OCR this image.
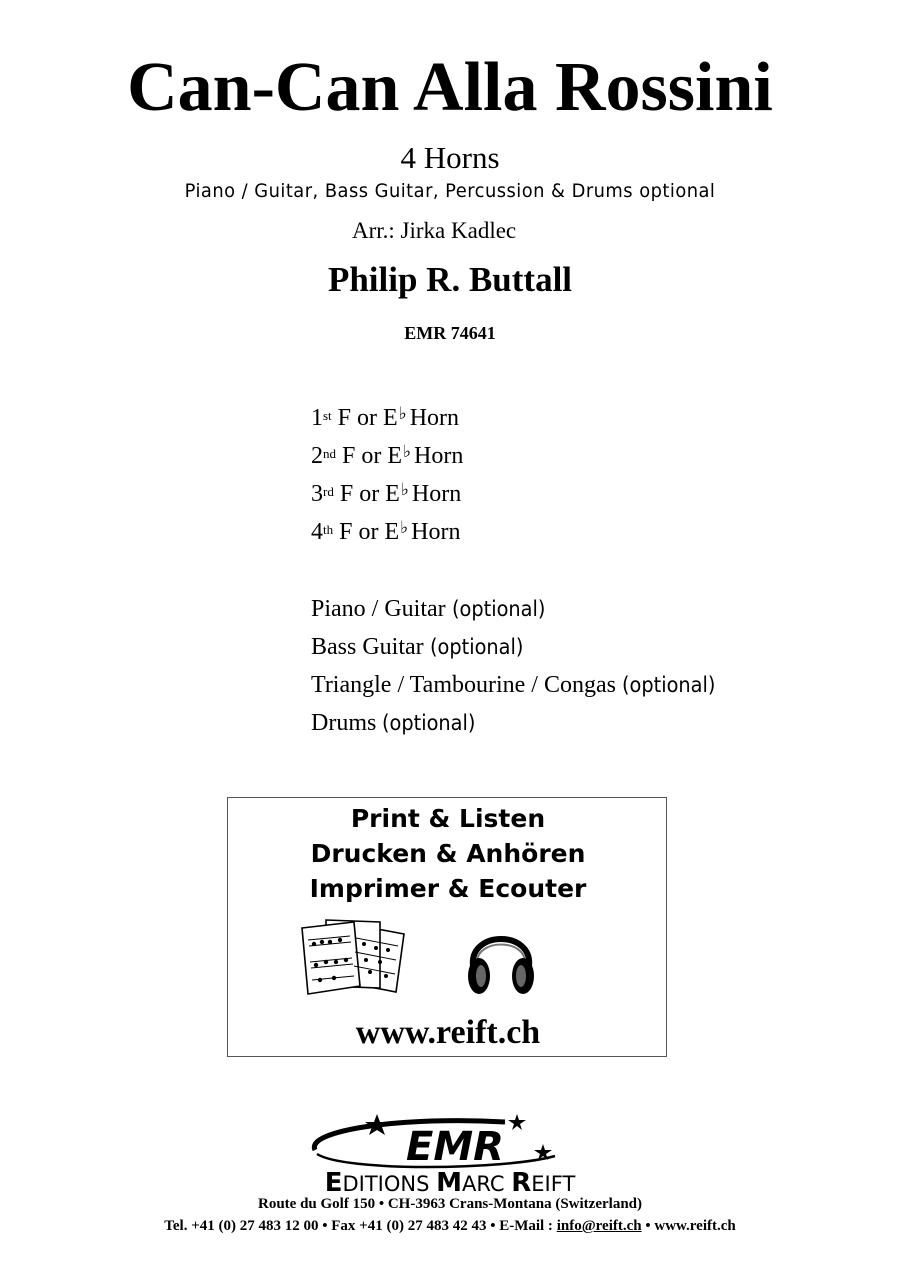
Can-Can Alla Rossini
4 Horns
Piano / Guitar, Bass Guitar, Percussion & Drums optional
Arr.: Jirka Kadlec
Philip R. Buttall
EMR 74641
1st F or E♭ Horn
2nd F or E♭ Horn
3rd F or E♭ Horn
4th F or E♭ Horn
Piano / Guitar (optional)
Bass Guitar (optional)
Triangle / Tambourine / Congas (optional)
Drums (optional)
Print & Listen
Drucken & Anhören
Imprimer & Ecouter
www.reift.ch
EMR
EDITIONS MARC REIFT
Route du Golf 150 • CH-3963 Crans-Montana (Switzerland)
Tel. +41 (0) 27 483 12 00 • Fax +41 (0) 27 483 42 43 • E-Mail : info@reift.ch • www.reift.ch
